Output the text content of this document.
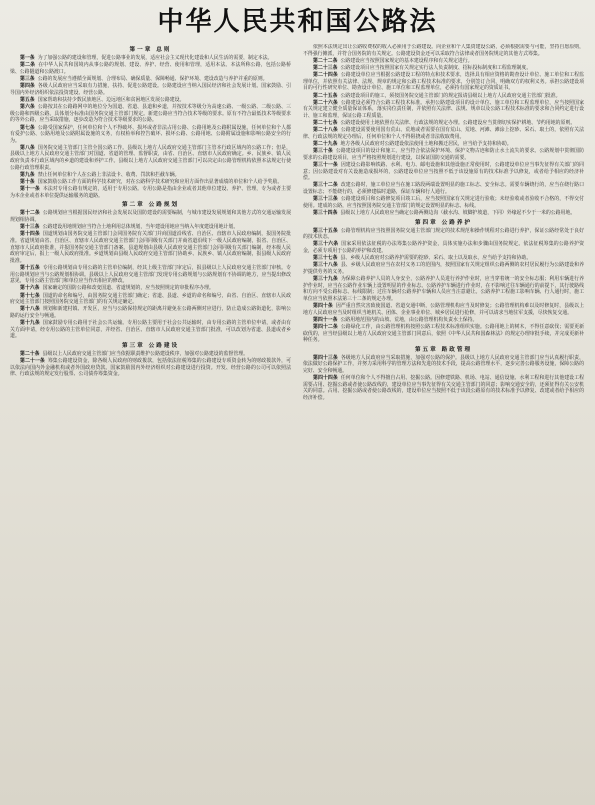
中华人民共和国公路法
第一章 总则
第一条 为了加强公路的建设和管理，促进公路事业的发展，适应社会主义现代化建设和人民生活的需要，制定本法。
第二条 在中华人民共和国境内从事公路的规划、建设、养护、经营、使用和管理，适用本法。本法所称公路，包括公路桥梁、公路隧道和公路渡口。
第三条 公路的发展应当遵循全面规划、合理布局、确保质量、保障畅通、保护环境、建设改造与养护并重的原则。
第四条 各级人民政府应当采取有力措施，扶持、促进公路建设。公路建设应当纳入国民经济和社会发展计划。国家鼓励、引导国内外经济组织依法投资建设、经营公路。
第五条 国家帮助和扶持少数民族地区、边远地区和贫困地区发展公路建设。
第六条 公路按其在公路路网中的地位分为国道、省道、县道和乡道，并按技术等级分为高速公路、一级公路、二级公路、三级公路和四级公路。具体划分标准由国务院交通主管部门规定。新建公路应当符合技术等级的要求。原有不符合最低技术等级要求的等外公路，应当采取措施，逐步改造为符合技术等级要求的公路。
第七条 公路受国家保护，任何单位和个人不得破坏、损坏或者非法占用公路、公路用地及公路附属设施。任何单位和个人都有爱护公路、公路用地及公路附属设施的义务，有权检举和控告破坏、损坏公路、公路用地、公路附属设施和影响公路安全的行为。
第八条 国务院交通主管部门主管全国公路工作。县级以上地方人民政府交通主管部门主管本行政区域内的公路工作；但是，县级以上地方人民政府交通主管部门对国道、省道的管理、监督职责，由省、自治区、直辖市人民政府确定。乡、民族乡、镇人民政府负责本行政区域内的乡道的建设和养护工作。县级以上地方人民政府交通主管部门可以决定由公路管理机构依照本法规定行使公路行政管理职责。
第九条 禁止任何单位和个人在公路上非法设卡、收费、罚款和拦截车辆。
第十条 国家鼓励公路工作方面的科学技术研究，对在公路科学技术研究和应用方面作出显著成绩的单位和个人给予奖励。
第十一条 本法对专用公路有规定的，适用于专用公路。专用公路是指由企业或者其他单位建设、养护、管理，专为或者主要为本企业或者本单位提供运输服务的道路。
第二章 公路规划
第十二条 公路规划应当根据国民经济和社会发展以及国防建设的需要编制，与城市建设发展规划和其他方式的交通运输发展规划相协调。
第十三条 公路建设用地规划应当符合土地利用总体规划，当年建设用地应当纳入年度建设用地计划。
第十四条 国道规划由国务院交通主管部门会同国务院有关部门并商国道沿线省、自治区、直辖市人民政府编制，报国务院批准。省道规划由省、自治区、直辖市人民政府交通主管部门会同同级有关部门并商省道沿线下一级人民政府编制，报省、自治区、直辖市人民政府批准，并报国务院交通主管部门备案。县道规划由县级人民政府交通主管部门会同同级有关部门编制，经本级人民政府审定后，报上一级人民政府批准。乡道规划由县级人民政府交通主管部门协助乡、民族乡、镇人民政府编制，报县级人民政府批准。
第十五条 专用公路规划由专用公路的主管单位编制，经其上级主管部门审定后，报县级以上人民政府交通主管部门审核。专用公路规划应当与公路规划相协调。县级以上人民政府交通主管部门发现专用公路规划与公路规划有不协调的地方，应当提出修改意见，专用公路主管部门和单位应当作出相应的修改。
第十六条 国家确定的国防公路和改变国道、省道规划的，应当按照规定的审批程序办理。
第十七条 国道的命名和编号，由国务院交通主管部门确定；省道、县道、乡道的命名和编号，由省、自治区、直辖市人民政府交通主管部门按照国务院交通主管部门的有关规定确定。
第十八条 规划和新建村镇、开发区，应当与公路保持规定的距离并避免在公路两侧对应进行，防止造成公路街道化，影响公路的运行安全与畅通。
第十九条 国家鼓励专用公路用于社会公共运输。专用公路主要用于社会公共运输时，由专用公路的主管单位申请，或者由有关方面申请，经专用公路的主管单位同意，并经省、自治区、直辖市人民政府交通主管部门批准，可以改划为省道、县道或者乡道。
第三章 公路建设
第二十条 县级以上人民政府交通主管部门应当依据职责维护公路建设秩序，加强对公路建设的监督管理。
第二十一条 筹集公路建设资金，除各级人民政府的财政拨款，包括依法征税筹集的公路建设专项资金转为的财政拨款外，可以依法向国内外金融机构或者外国政府贷款。国家鼓励国内外经济组织对公路建设进行投资。开发、经营公路的公司可以依照法律、行政法规的规定发行股票、公司债券筹集资金。
依照本法规定出让公路收费权的收入必须用于公路建设。向企业和个人集资建设公路，必须根据需要与可能，坚持自愿原则，不得强行摊派，并符合国务院的有关规定。公路建设资金还可以采取符合法律或者国务院规定的其他方式筹集。
第二十二条 公路建设应当按照国家规定的基本建设程序和有关规定进行。
第二十三条 公路建设项目应当按照国家有关规定实行法人负责制度、招标投标制度和工程监理制度。
第二十四条 公路建设单位应当根据公路建设工程的特点和技术要求，选择具有相应资格的勘查设计单位、施工单位和工程监理单位，并依照有关法律、法规、规章的规定和公路工程技术标准的要求，分别签订合同，明确双方的权利义务。承担公路建设项目的可行性研究单位、勘查设计单位、施工单位和工程监理单位，必须持有国家规定的资质证书。
第二十五条 公路建设项目的施工，须按国务院交通主管部门的规定报请县级以上地方人民政府交通主管部门批准。
第二十六条 公路建设必须符合公路工程技术标准。承担公路建设项目的设计单位、施工单位和工程监理单位，应当按照国家有关规定建立健全质量保证体系，落实岗位责任制，并依照有关法律、法规、规章以及公路工程技术标准的要求和合同约定进行设计、施工和监理，保证公路工程质量。
第二十七条 公路建设使用土地依照有关法律、行政法规的规定办理。公路建设应当贯彻切实保护耕地、节约用地的原则。
第二十八条 公路建设需要使用国有荒山、荒地或者需要在国有荒山、荒地、河滩、滩涂上挖砂、采石、取土的，依照有关法律、行政法规的规定办理后，任何单位和个人不得阻挠或者非法收取费用。
第二十九条 地方各级人民政府对公路建设依法使用土地和搬迁居民，应当给予支持和协助。
第三十条 公路建设项目的设计和施工，应当符合依法保护环境、保护文物古迹和防止水土流失的要求。公路规划中贯彻国防要求的公路建设项目，应当严格按照规划进行建设，以保证国防交通的需要。
第三十一条 因建设公路影响铁路、水利、电力、邮电设施和其他设施正常使用时，公路建设单位应当事先征得有关部门的同意；因公路建设对有关设施造成损坏的，公路建设单位应当按照不低于该设施原有的技术标准予以修复，或者给予相应的经济补偿。
第三十二条 改建公路时，施工单位应当在施工路段两端设置明显的施工标志、安全标志。需要车辆绕行的，应当在绕行路口设置标志；不能绕行的，必须修建临时道路，保证车辆和行人通行。
第三十三条 公路建设项目和公路修复项目竣工后，应当按照国家有关规定进行验收；未经验收或者验收不合格的，不得交付使用。建成的公路，应当按照国务院交通主管部门的规定设置明显的标志、标线。
第三十四条 县级以上地方人民政府应当确定公路两侧边沟（截水沟、坡脚护坡道，下同）外缘起不少于一米的公路用地。
第四章 公路养护
第三十五条 公路管理机构应当按照国务院交通主管部门规定的技术规范和操作规程对公路进行养护，保证公路经常处于良好的技术状态。
第三十六条 国家采用依法征税的办法筹集公路养护资金，具体实施办法和步骤由国务院规定。依法征税筹集的公路养护资金，必须专项用于公路的养护和改建。
第三十七条 县、乡级人民政府对公路养护需要的挖砂、采石、取土以及取水，应当给予支持和协助。
第三十八条 县、乡级人民政府应当在农村义务工的范围内，按照国家有关规定组织公路两侧的农村居民履行为公路建设和养护提供劳务的义务。
第三十九条 为保障公路养护人员的人身安全，公路养护人员进行养护作业时，应当穿着统一的安全标志服；利用车辆进行养护作业时，应当在公路作业车辆上设置明显的作业标志。公路养护车辆进行作业时，在不影响过往车辆通行的前提下，其行驶路线和方向不受公路标志、标线限制；过往车辆对公路养护车辆和人员应当注意避让。公路养护工程施工影响车辆、行人通行时，施工单位应当依照本法第三十二条的规定办理。
第四十条 因严重自然灾害致使国道、省道交通中断，公路管理机构应当及时修复；公路管理机构难以及时修复时，县级以上地方人民政府应当及时组织当地机关、团体、企业事业单位、城乡居民进行抢修，并可以请求当地驻军支援，尽快恢复交通。
第四十一条 公路用地范围内的山坡、荒地，由公路管理机构负责水土保持。
第四十二条 公路绿化工作，由公路管理机构按照公路工程技术标准组织实施。公路用地上的树木，不得任意砍伐；需要更新砍伐的，应当经县级以上地方人民政府交通主管部门同意后，依照《中华人民共和国森林法》的规定办理审批手续，并完成更新补种任务。
第五章 路政管理
第四十三条 各级地方人民政府应当采取措施，加强对公路的保护。县级以上地方人民政府交通主管部门应当认真履行职责，依法做好公路保护工作，并努力采用科学的管理方法和先进的技术手段，提高公路管理水平，逐步完善公路服务设施，保障公路的完好、安全和畅通。
第四十四条 任何单位和个人不得擅自占用、挖掘公路。因修建铁路、机场、电站、通信设施、水利工程和进行其他建设工程需要占用、挖掘公路或者使公路改线的，建设单位应当事先征得有关交通主管部门的同意；影响交通安全的，还须征得有关公安机关的同意。占用、挖掘公路或者使公路改线的，建设单位应当按照不低于该段公路原有的技术标准予以修复、改建或者给予相应的经济补偿。
